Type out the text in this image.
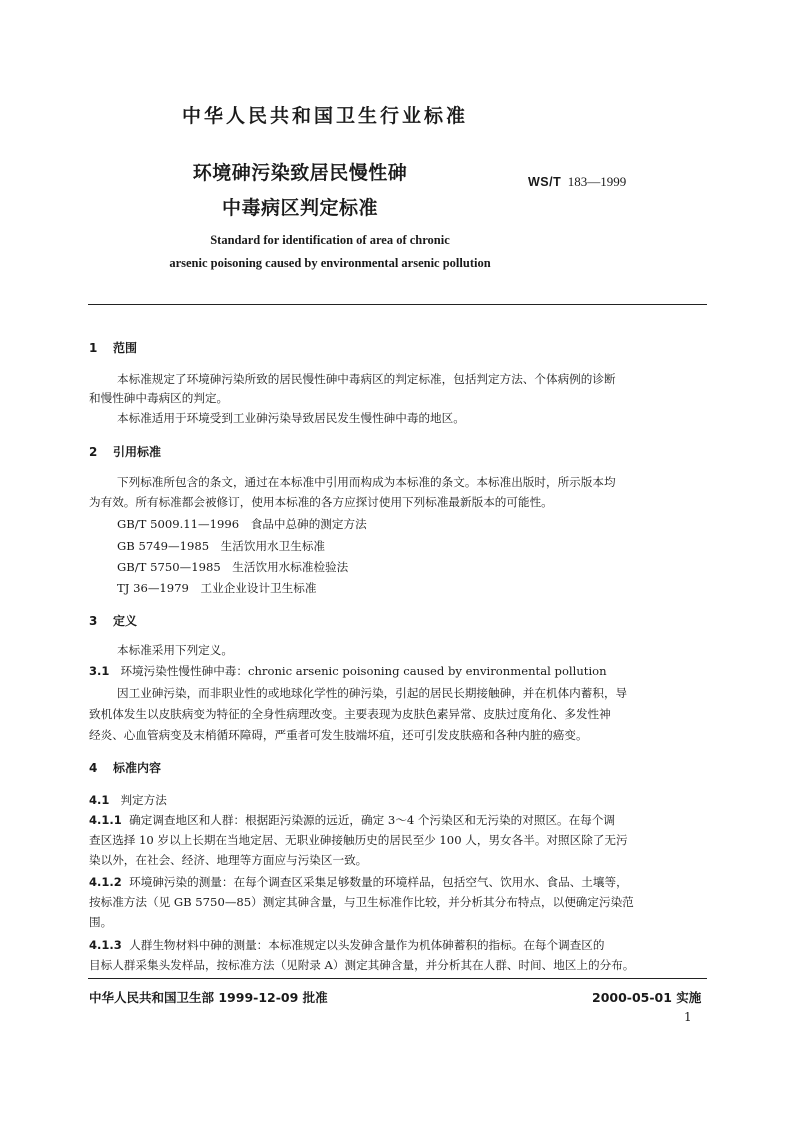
中华人民共和国卫生行业标准
环境砷污染致居民慢性砷
中毒病区判定标准
WS/T 183—1999
Standard for identification of area of chronic
arsenic poisoning caused by environmental arsenic pollution
1 范围
本标准规定了环境砷污染所致的居民慢性砷中毒病区的判定标准，包括判定方法、个体病例的诊断
和慢性砷中毒病区的判定。
本标准适用于环境受到工业砷污染导致居民发生慢性砷中毒的地区。
2 引用标准
下列标准所包含的条文，通过在本标准中引用而构成为本标准的条文。本标准出版时，所示版本均
为有效。所有标准都会被修订，使用本标准的各方应探讨使用下列标准最新版本的可能性。
GB/T 5009.11—1996　食品中总砷的测定方法
GB 5749—1985　生活饮用水卫生标准
GB/T 5750—1985　生活饮用水标准检验法
TJ 36—1979　工业企业设计卫生标准
3 定义
本标准采用下列定义。
3.1 环境污染性慢性砷中毒：chronic arsenic poisoning caused by environmental pollution
因工业砷污染，而非职业性的或地球化学性的砷污染，引起的居民长期接触砷，并在机体内蓄积，导
致机体发生以皮肤病变为特征的全身性病理改变。主要表现为皮肤色素异常、皮肤过度角化、多发性神
经炎、心血管病变及末梢循环障碍，严重者可发生肢端坏疽，还可引发皮肤癌和各种内脏的癌变。
4 标准内容
4.1 判定方法
4.1.1 确定调查地区和人群：根据距污染源的远近，确定 3～4 个污染区和无污染的对照区。在每个调
查区选择 10 岁以上长期在当地定居、无职业砷接触历史的居民至少 100 人，男女各半。对照区除了无污
染以外，在社会、经济、地理等方面应与污染区一致。
4.1.2 环境砷污染的测量：在每个调查区采集足够数量的环境样品，包括空气、饮用水、食品、土壤等，
按标准方法（见 GB 5750—85）测定其砷含量，与卫生标准作比较，并分析其分布特点，以便确定污染范
围。
4.1.3 人群生物材料中砷的测量：本标准规定以头发砷含量作为机体砷蓄积的指标。在每个调查区的
目标人群采集头发样品，按标准方法（见附录 A）测定其砷含量，并分析其在人群、时间、地区上的分布。
中华人民共和国卫生部 1999-12-09 批准	2000-05-01 实施
1
